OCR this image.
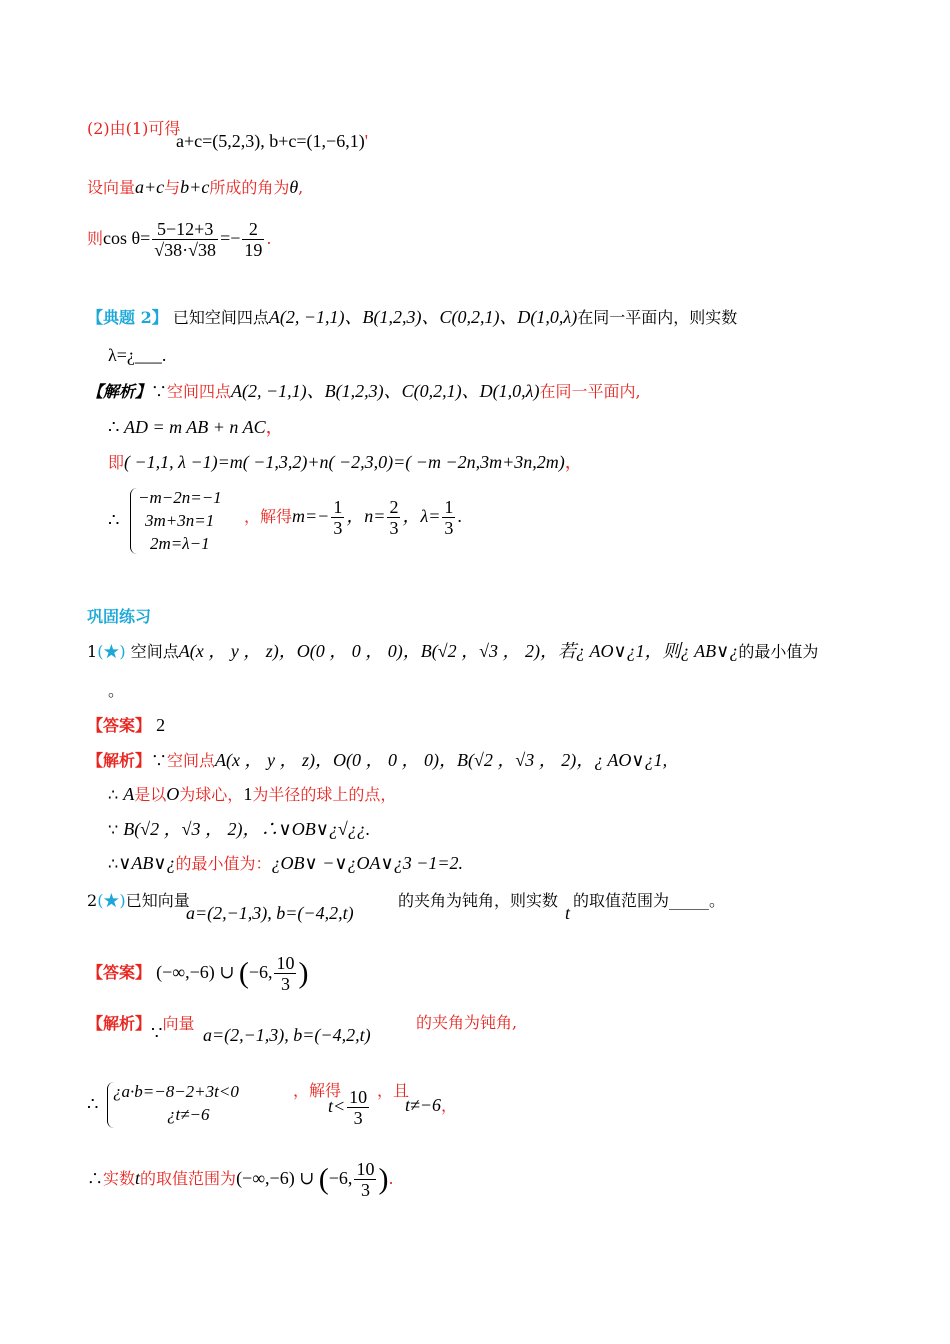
(2)由(1)可得
a+c=(5,2,3), b+c=(1,−6,1)'
设向量a+c与b+c所成的角为θ,
则$\cos \theta= \frac{5-12+3}{√38\cdot√38} =- \frac{2}{19}$ .
【典题 2】 已知空间四点A(2, −1,1)、B(1,2,3)、C(0,2,1)、D(1,0,λ)在同一平面内，则实数
λ=¿___.
【解析】∵空间四点A(2, −1,1)、B(1,2,3)、C(0,2,1)、D(1,0,λ)在同一平面内,
∴ AD = m AB + n AC，
即( −1,1, λ −1)=m( −1,3,2)+n( −2,3,0)=( −m −2n,3m+3n,2m)，
∴
−m−2n=−1
3m+3n=1
2m=λ−1
，解得$m=- \frac{1}{3}$ ，$n= \frac{2}{3}$ ，$\lambda= \frac{1}{3}$ .
巩固练习
1(★) 空间点A(x ， y ， z)，O(0 ， 0 ， 0)，B(√2 ，√3 ， 2)，若¿ AO∨¿1，则¿ AB∨¿的最小值为
。
【答案】 2
【解析】∵空间点A(x ， y ， z)，O(0 ， 0 ， 0)，B(√2 ，√3 ， 2)，¿ AO∨¿1,
∴ A是以O为球心，1为半径的球上的点，
∵ B(√2 ，√3 ， 2)，∴∨OB∨¿√¿¿.
∴∨AB∨¿的最小值为：¿OB∨ −∨¿OA∨¿3 −1=2.
2(★)已知向量
a=(2,−1,3), b=(−4,2,t)
的夹角为钝角，则实数
t
的取值范围为_____。
【答案】 (−∞,−6) ∪ (−6, $\frac{10}{3}$ )
【解析】∵向量
a=(2,−1,3), b=(−4,2,t)
的夹角为钝角,
∴
¿a·b=−8−2+3t<0
¿t≠−6
，解得
$t< \frac{10}{3}$ ，且
t≠−6，
∴实数t的取值范围为(−∞,−6) ∪ (−6, $\frac{10}{3}$ ).
